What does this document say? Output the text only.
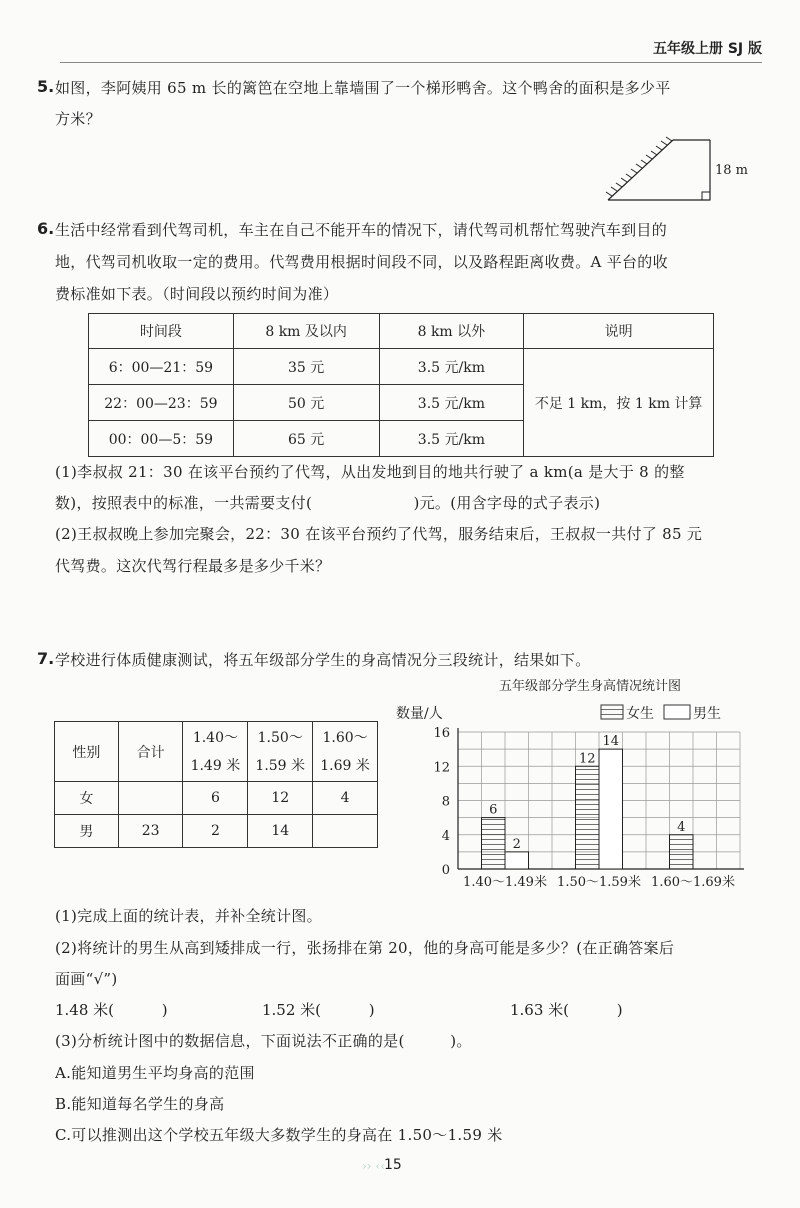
五年级上册 SJ 版
5. 如图，李阿姨用 65 m 长的篱笆在空地上靠墙围了一个梯形鸭舍。这个鸭舍的面积是多少平
方米？
18 m
6. 生活中经常看到代驾司机，车主在自己不能开车的情况下，请代驾司机帮忙驾驶汽车到目的
地，代驾司机收取一定的费用。代驾费用根据时间段不同，以及路程距离收费。A 平台的收
费标准如下表。（时间段以预约时间为准）
时间段	8 km 及以内	8 km 以外	说明
6：00—21：59	35 元	3.5 元/km	不足 1 km，按 1 km 计算
22：00—23：59	50 元	3.5 元/km	
00：00—5：59	65 元	3.5 元/km	
(1)李叔叔 21：30 在该平台预约了代驾，从出发地到目的地共行驶了 a km(a 是大于 8 的整
数)，按照表中的标准，一共需要支付(                    )元。(用含字母的式子表示)
(2)王叔叔晚上参加完聚会，22：30 在该平台预约了代驾，服务结束后，王叔叔一共付了 85 元
代驾费。这次代驾行程最多是多少千米？
7. 学校进行体质健康测试，将五年级部分学生的身高情况分三段统计，结果如下。
性别	合计	1.40～1.49 米	1.50～1.59 米	1.60～1.69 米
女		6	12	4
男	23	2	14	
五年级部分学生身高情况统计图
数量/人	女生	男生
0
4
8
12
16
1.40～1.49米 1.50～1.59米 1.60～1.69米
6
2
12
14
4
(1)完成上面的统计表，并补全统计图。
(2)将统计的男生从高到矮排成一行，张扬排在第 20，他的身高可能是多少？(在正确答案后
面画“√”)
1.48 米(          )	1.52 米(          )	1.63 米(          )
(3)分析统计图中的数据信息，下面说法不正确的是(         )。
A.能知道男生平均身高的范围
B.能知道每名学生的身高
C.可以推测出这个学校五年级大多数学生的身高在 1.50～1.59 米
15
›› ‹‹
